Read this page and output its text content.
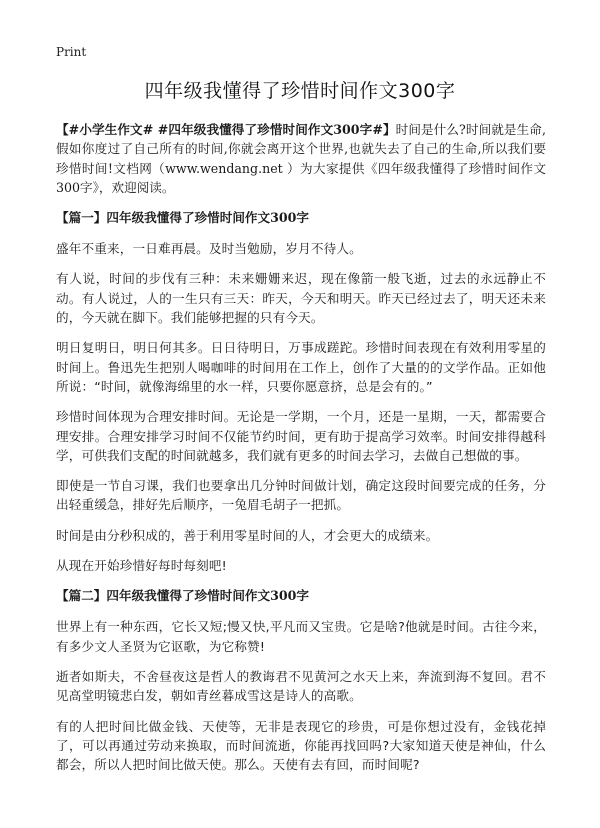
Print
四年级我懂得了珍惜时间作文300字

【#小学生作文# #四年级我懂得了珍惜时间作文300字#】时间是什么?时间就是生命,假如你度过了自己所有的时间,你就会离开这个世界,也就失去了自己的生命,所以我们要珍惜时间!文档网（www.wendang.net ）为大家提供《四年级我懂得了珍惜时间作文300字》，欢迎阅读。

【篇一】四年级我懂得了珍惜时间作文300字

盛年不重来，一日难再晨。及时当勉励，岁月不待人。

有人说，时间的步伐有三种：未来姗姗来迟，现在像箭一般飞逝，过去的永远静止不动。有人说过，人的一生只有三天：昨天，今天和明天。昨天已经过去了，明天还未来的，今天就在脚下。我们能够把握的只有今天。

明日复明日，明日何其多。日日待明日，万事成蹉跎。珍惜时间表现在有效利用零星的时间上。鲁迅先生把别人喝咖啡的时间用在工作上，创作了大量的的文学作品。正如他所说：“时间，就像海绵里的水一样，只要你愿意挤，总是会有的。”

珍惜时间体现为合理安排时间。无论是一学期，一个月，还是一星期，一天，都需要合理安排。合理安排学习时间不仅能节约时间，更有助于提高学习效率。时间安排得越科学，可供我们支配的时间就越多，我们就有更多的时间去学习，去做自己想做的事。

即使是一节自习课，我们也要拿出几分钟时间做计划，确定这段时间要完成的任务，分出轻重缓急，排好先后顺序，一兔眉毛胡子一把抓。

时间是由分秒积成的，善于利用零星时间的人，才会更大的成绩来。

从现在开始珍惜好每时每刻吧!

【篇二】四年级我懂得了珍惜时间作文300字

世界上有一种东西，它长又短;慢又快,平凡而又宝贵。它是啥?他就是时间。古往今来，有多少文人圣贤为它讴歌，为它称赞!

逝者如斯夫，不舍昼夜这是哲人的教诲君不见黄河之水天上来，奔流到海不复回。君不见高堂明镜悲白发，朝如青丝暮成雪这是诗人的高歌。

有的人把时间比做金钱、天使等，无非是表现它的珍贵，可是你想过没有，金钱花掉了，可以再通过劳动来换取，而时间流逝，你能再找回吗?大家知道天使是神仙，什么都会，所以人把时间比做天使。那么。天使有去有回，而时间呢?
